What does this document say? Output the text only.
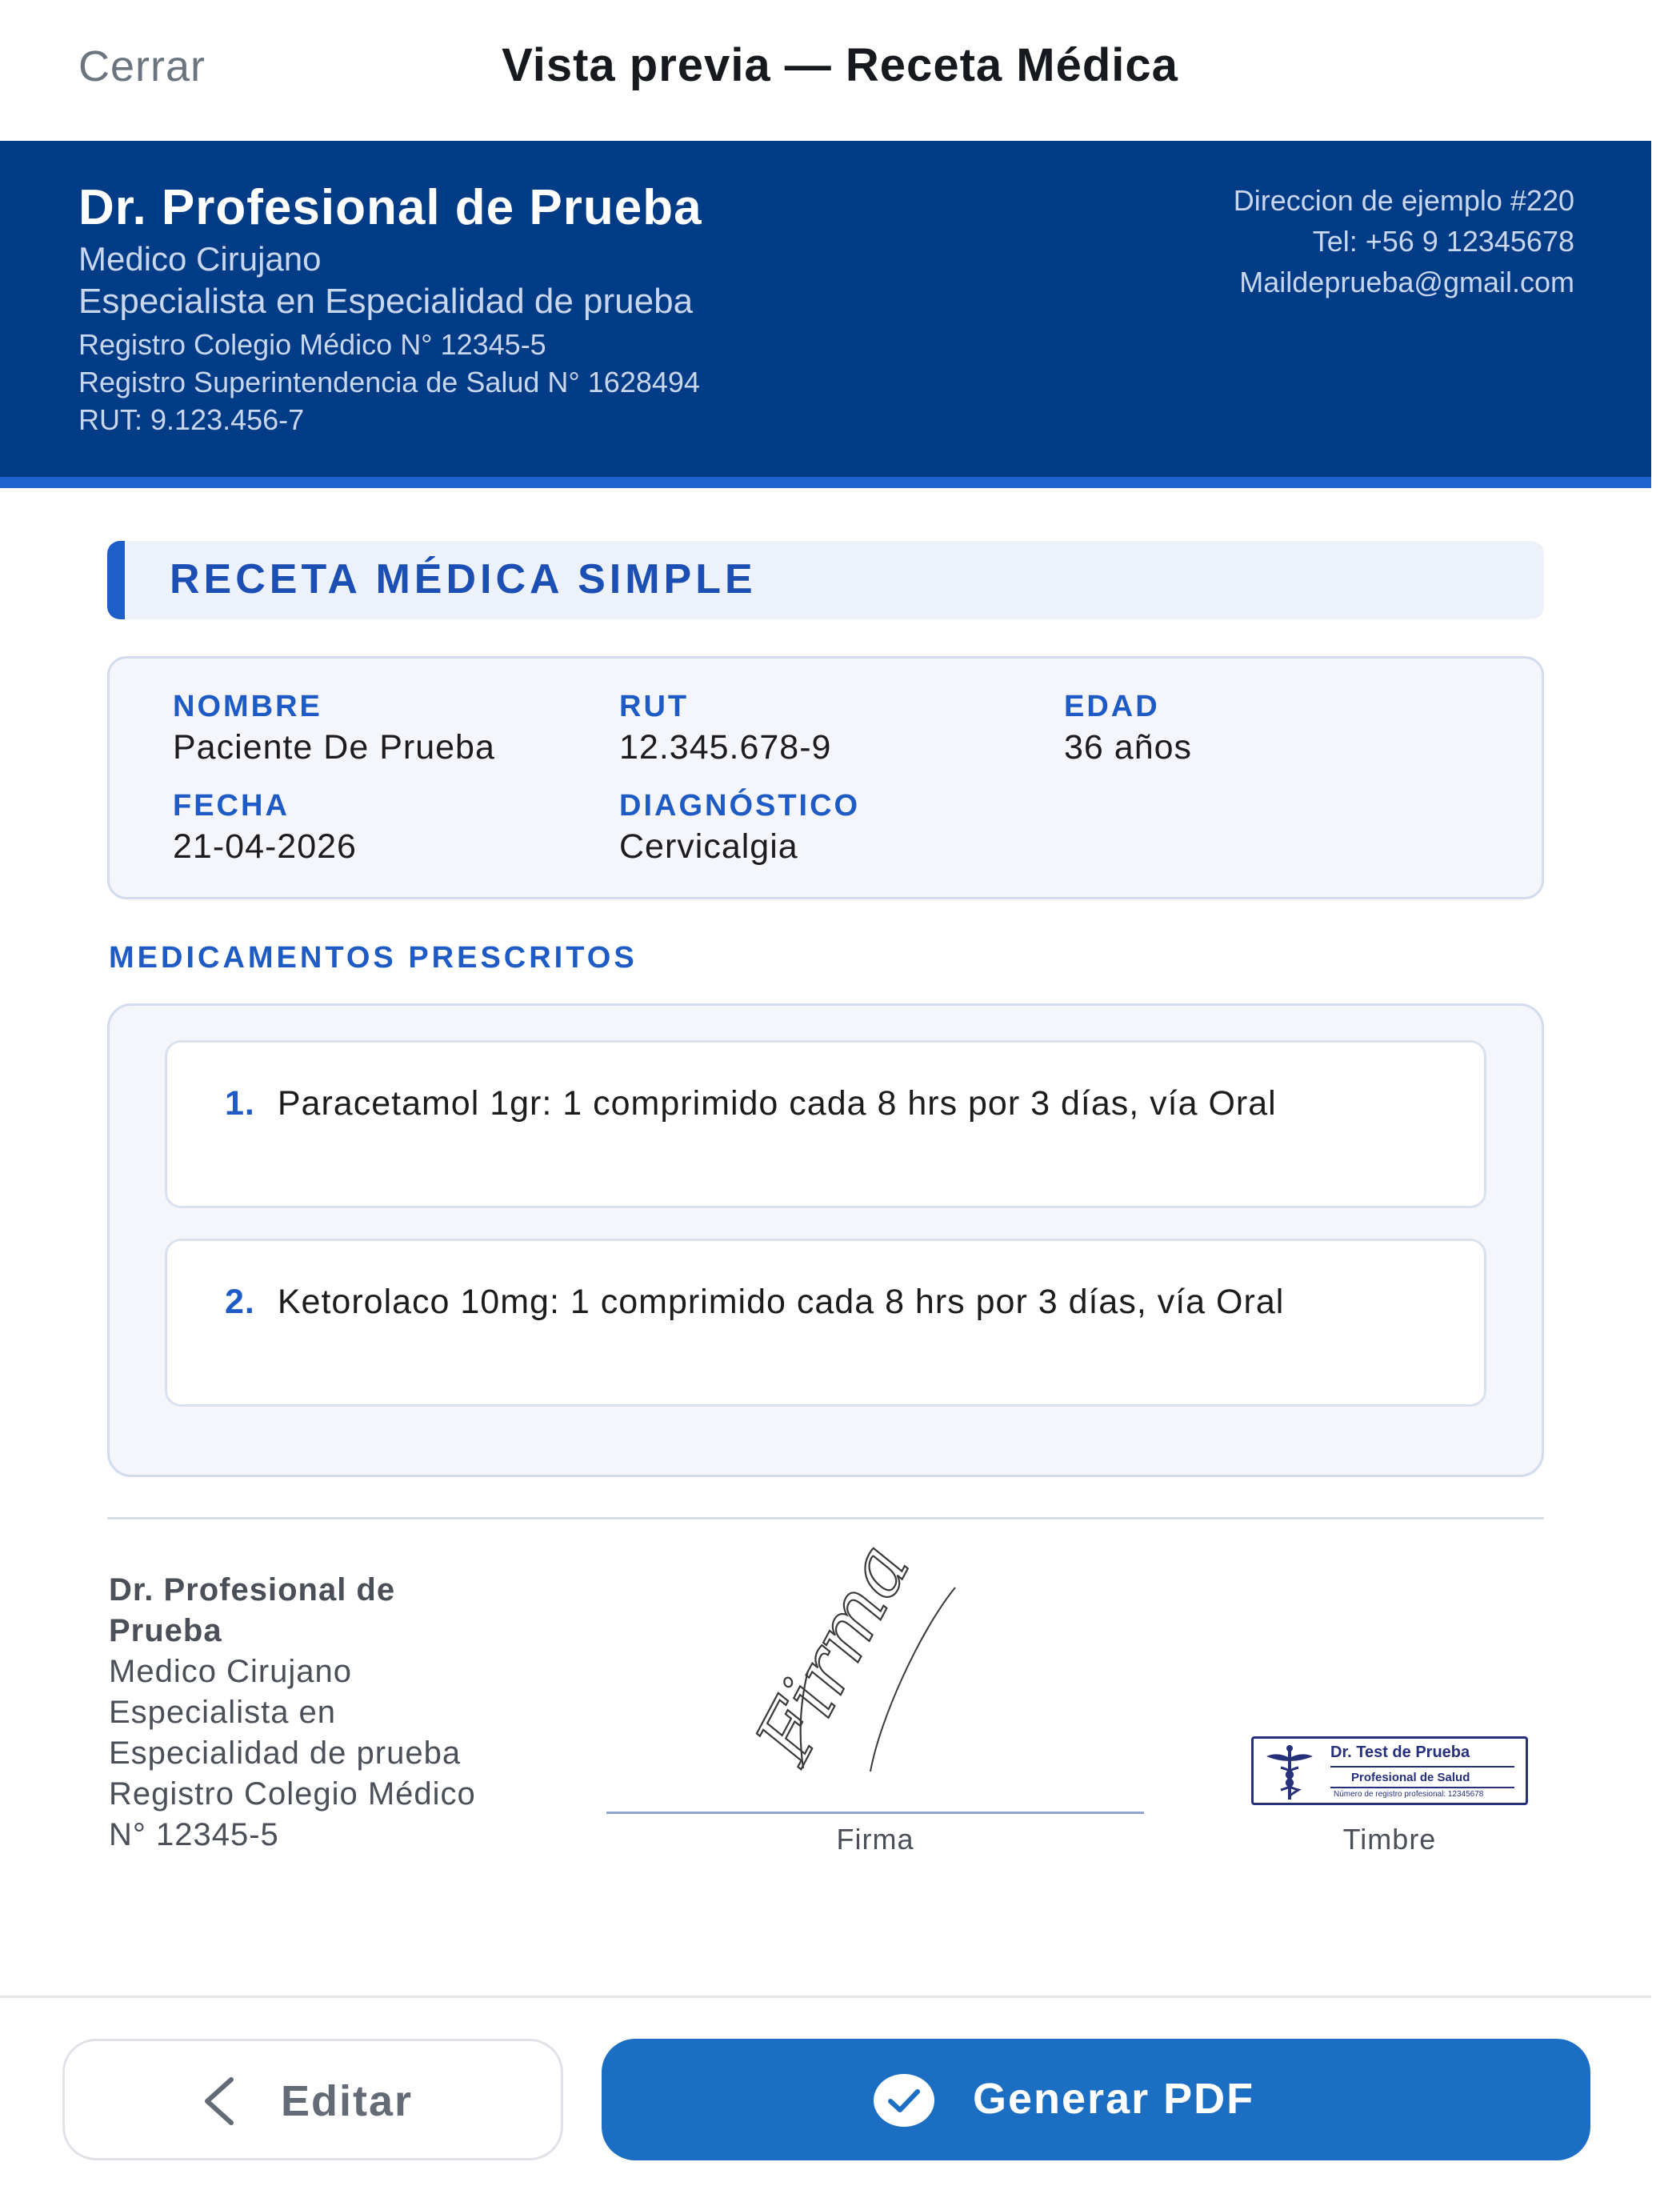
Cerrar	Vista previa — Receta Médica
Dr. Profesional de Prueba
Medico Cirujano
Especialista en Especialidad de prueba
Registro Colegio Médico N° 12345-5
Registro Superintendencia de Salud N° 1628494
RUT: 9.123.456-7
Direccion de ejemplo #220
Tel: +56 9 12345678
Maildeprueba@gmail.com
RECETA MÉDICA SIMPLE
NOMBRE
Paciente De Prueba
RUT
12.345.678-9
EDAD
36 años
FECHA
21-04-2026
DIAGNÓSTICO
Cervicalgia
MEDICAMENTOS PRESCRITOS
1. Paracetamol 1gr: 1 comprimido cada 8 hrs por 3 días, vía Oral
2. Ketorolaco 10mg: 1 comprimido cada 8 hrs por 3 días, vía Oral
Dr. Profesional de
Prueba
Medico Cirujano
Especialista en
Especialidad de prueba
Registro Colegio Médico
N° 12345-5
Firma
Firma
Dr. Test de Prueba
Profesional de Salud
Número de registro profesional: 12345678
Timbre
Editar	Generar PDF
